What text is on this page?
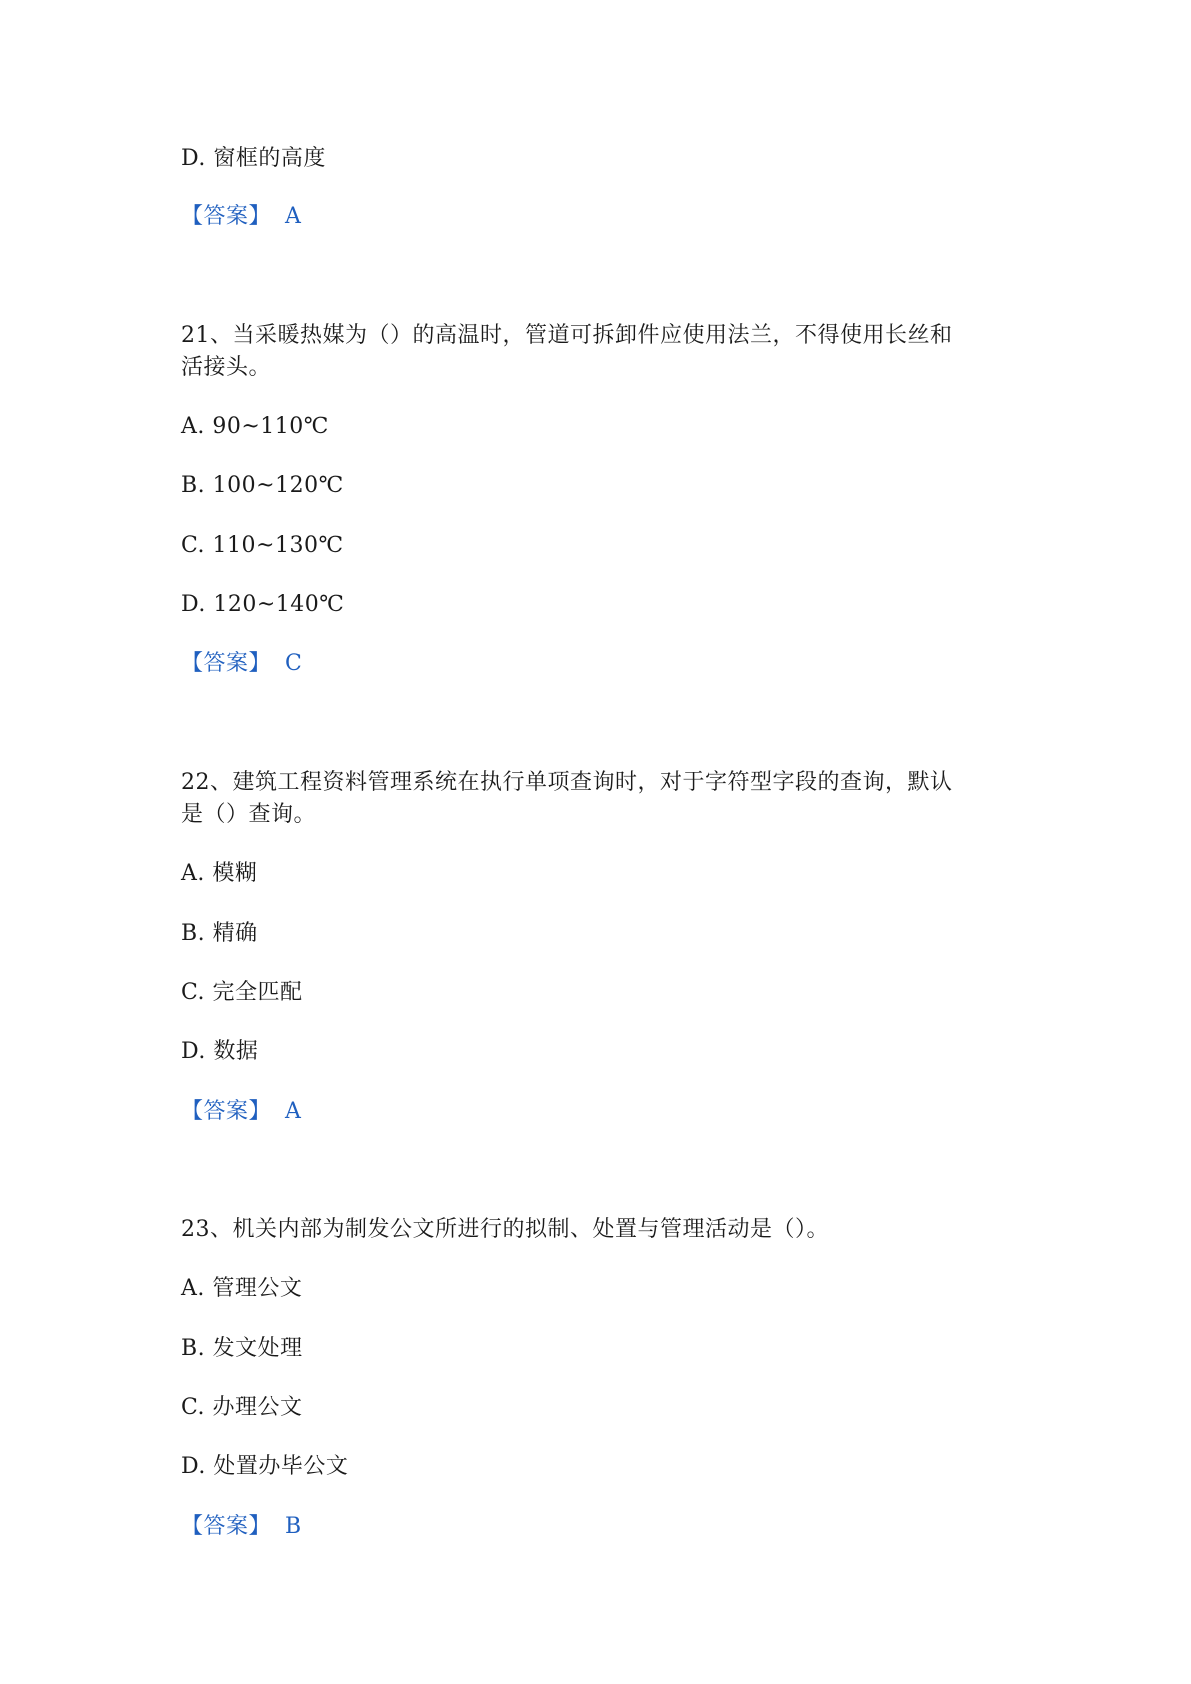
D. 窗框的高度
【答案】 A
21、当采暖热媒为（）的高温时，管道可拆卸件应使用法兰，不得使用长丝和
活接头。
A. 90~110℃
B. 100~120℃
C. 110~130℃
D. 120~140℃
【答案】 C
22、建筑工程资料管理系统在执行单项查询时，对于字符型字段的查询，默认
是（）查询。
A. 模糊
B. 精确
C. 完全匹配
D. 数据
【答案】 A
23、机关内部为制发公文所进行的拟制、处置与管理活动是（）。
A. 管理公文
B. 发文处理
C. 办理公文
D. 处置办毕公文
【答案】 B
